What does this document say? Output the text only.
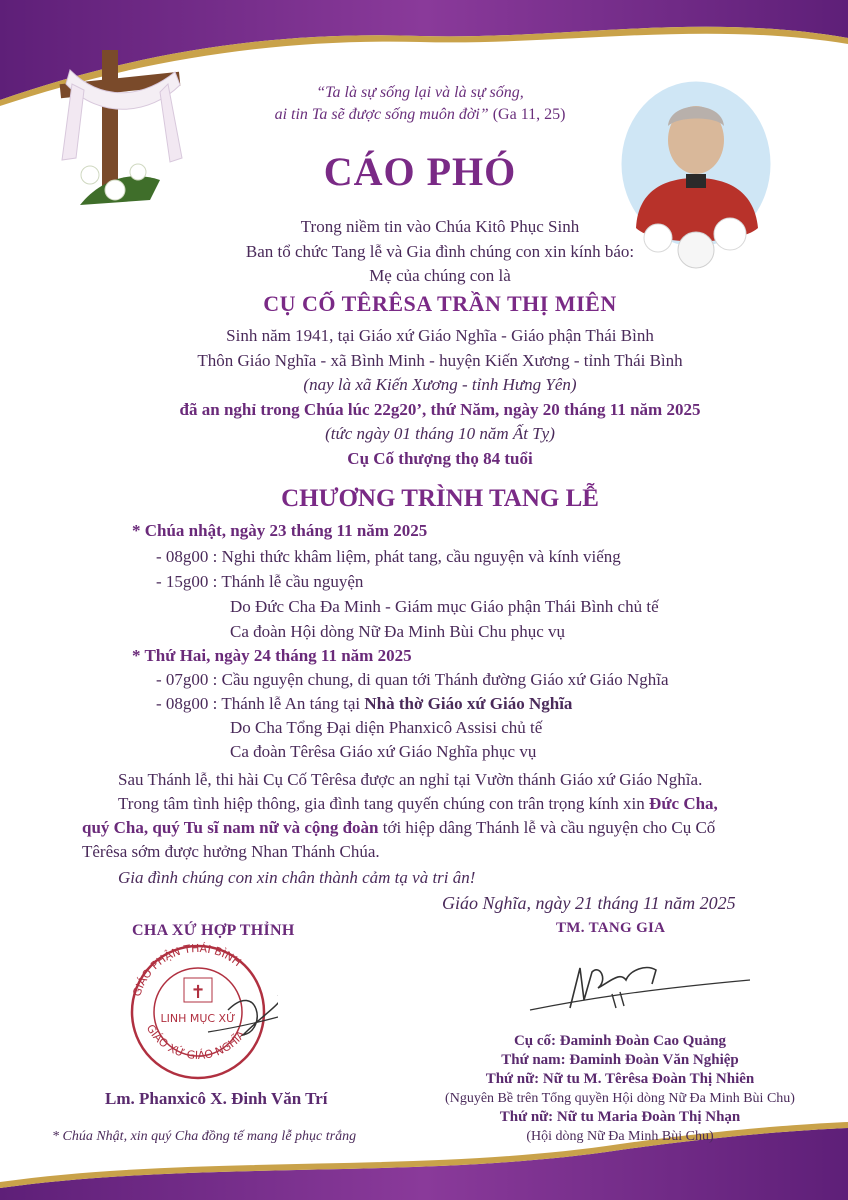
“Ta là sự sống lại và là sự sống,
ai tin Ta sẽ được sống muôn đời” (Ga 11, 25)
CÁO PHÓ
Trong niềm tin vào Chúa Kitô Phục Sinh
Ban tổ chức Tang lễ và Gia đình chúng con xin kính báo:
Mẹ của chúng con là
CỤ CỐ TÊRÊSA TRẦN THỊ MIÊN
Sinh năm 1941, tại Giáo xứ Giáo Nghĩa - Giáo phận Thái Bình
Thôn Giáo Nghĩa - xã Bình Minh - huyện Kiến Xương - tỉnh Thái Bình
(nay là xã Kiến Xương - tỉnh Hưng Yên)
đã an nghỉ trong Chúa lúc 22g20’, thứ Năm, ngày 20 tháng 11 năm 2025
(tức ngày 01 tháng 10 năm Ất Tỵ)
Cụ Cố thượng thọ 84 tuổi
CHƯƠNG TRÌNH TANG LỄ
* Chúa nhật, ngày 23 tháng 11 năm 2025
- 08g00 : Nghi thức khâm liệm, phát tang, cầu nguyện và kính viếng
- 15g00 : Thánh lễ cầu nguyện
Do Đức Cha Đa Minh - Giám mục Giáo phận Thái Bình chủ tế
Ca đoàn Hội dòng Nữ Đa Minh Bùi Chu phục vụ
* Thứ Hai, ngày 24 tháng 11 năm 2025
- 07g00 : Cầu nguyện chung, di quan tới Thánh đường Giáo xứ Giáo Nghĩa
- 08g00 : Thánh lễ An táng tại Nhà thờ Giáo xứ Giáo Nghĩa
Do Cha Tổng Đại diện Phanxicô Assisi chủ tế
Ca đoàn Têrêsa Giáo xứ Giáo Nghĩa phục vụ
Sau Thánh lễ, thi hài Cụ Cố Têrêsa được an nghỉ tại Vườn thánh Giáo xứ Giáo Nghĩa.
Trong tâm tình hiệp thông, gia đình tang quyến chúng con trân trọng kính xin Đức Cha,
quý Cha, quý Tu sĩ nam nữ và cộng đoàn tới hiệp dâng Thánh lễ và cầu nguyện cho Cụ Cố
Têrêsa sớm được hưởng Nhan Thánh Chúa.
Gia đình chúng con xin chân thành cảm tạ và tri ân!
Giáo Nghĩa, ngày 21 tháng 11 năm 2025
CHA XỨ HỢP THỈNH	TM. TANG GIA
GIÁO PHẬN THÁI BÌNH
GIÁO XỨ GIÁO NGHĨA
✝
LINH MỤC XỨ
Lm. Phanxicô X. Đinh Văn Trí
Cụ cố: Đaminh Đoàn Cao Quảng
Thứ nam: Đaminh Đoàn Văn Nghiệp
Thứ nữ: Nữ tu M. Têrêsa Đoàn Thị Nhiên
(Nguyên Bề trên Tổng quyền Hội dòng Nữ Đa Minh Bùi Chu)
Thứ nữ: Nữ tu Maria Đoàn Thị Nhạn
(Hội dòng Nữ Đa Minh Bùi Chu)
* Chúa Nhật, xin quý Cha đồng tế mang lễ phục trắng
